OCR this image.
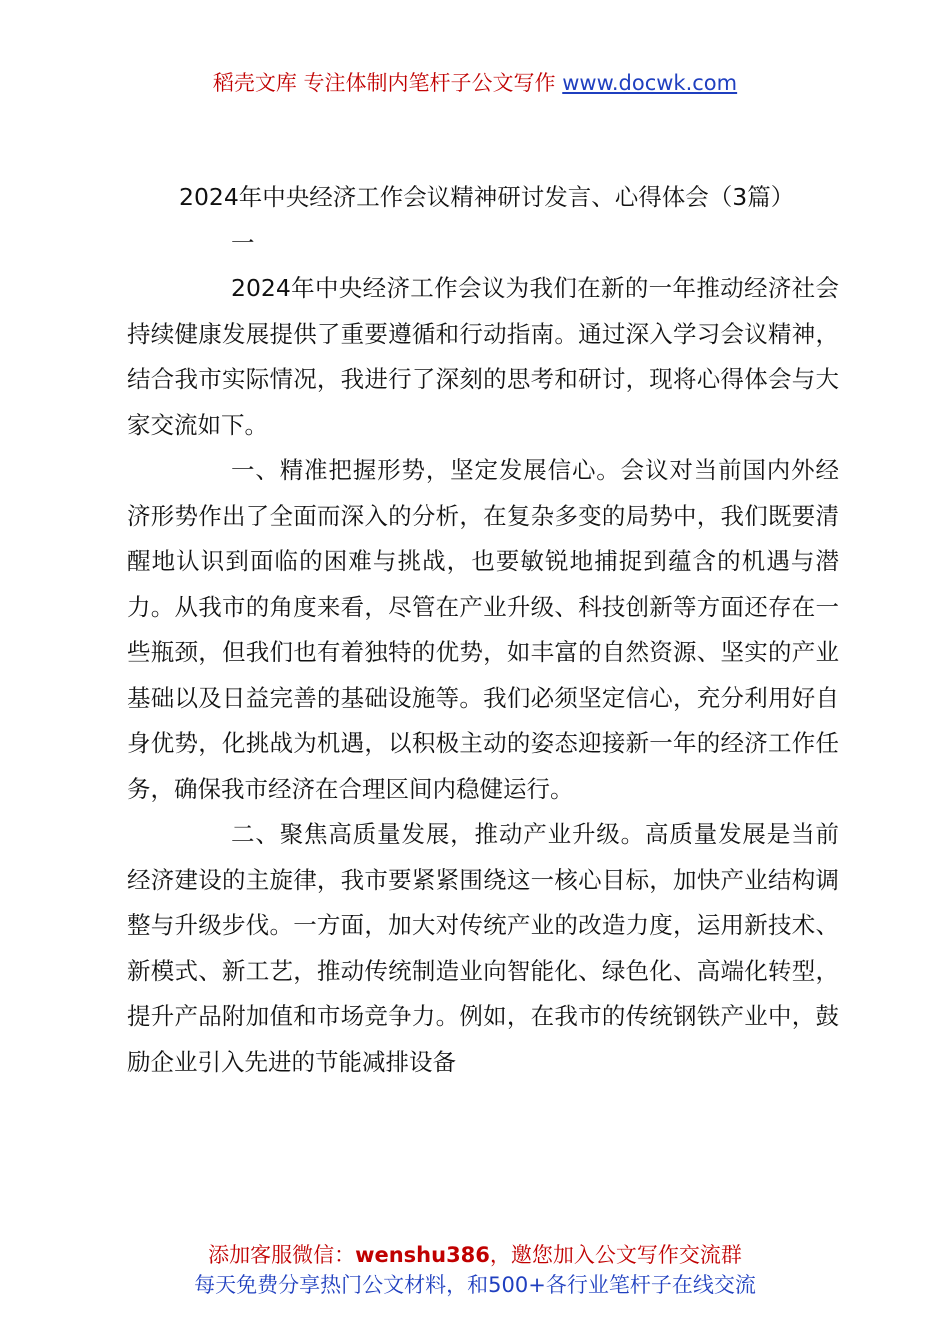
稻壳文库 专注体制内笔杆子公文写作 www.docwk.com
2024年中央经济工作会议精神研讨发言、心得体会（3篇）

一

2024年中央经济工作会议为我们在新的一年推动经济社会持续健康发展提供了重要遵循和行动指南。通过深入学习会议精神，结合我市实际情况，我进行了深刻的思考和研讨，现将心得体会与大家交流如下。

一、精准把握形势，坚定发展信心。会议对当前国内外经济形势作出了全面而深入的分析，在复杂多变的局势中，我们既要清醒地认识到面临的困难与挑战，也要敏锐地捕捉到蕴含的机遇与潜力。从我市的角度来看，尽管在产业升级、科技创新等方面还存在一些瓶颈，但我们也有着独特的优势，如丰富的自然资源、坚实的产业基础以及日益完善的基础设施等。我们必须坚定信心，充分利用好自身优势，化挑战为机遇，以积极主动的姿态迎接新一年的经济工作任务，确保我市经济在合理区间内稳健运行。

二、聚焦高质量发展，推动产业升级。高质量发展是当前经济建设的主旋律，我市要紧紧围绕这一核心目标，加快产业结构调整与升级步伐。一方面，加大对传统产业的改造力度，运用新技术、新模式、新工艺，推动传统制造业向智能化、绿色化、高端化转型，提升产品附加值和市场竞争力。例如，在我市的传统钢铁产业中，鼓励企业引入先进的节能减排设备

添加客服微信：wenshu386，邀您加入公文写作交流群
每天免费分享热门公文材料，和500+各行业笔杆子在线交流
